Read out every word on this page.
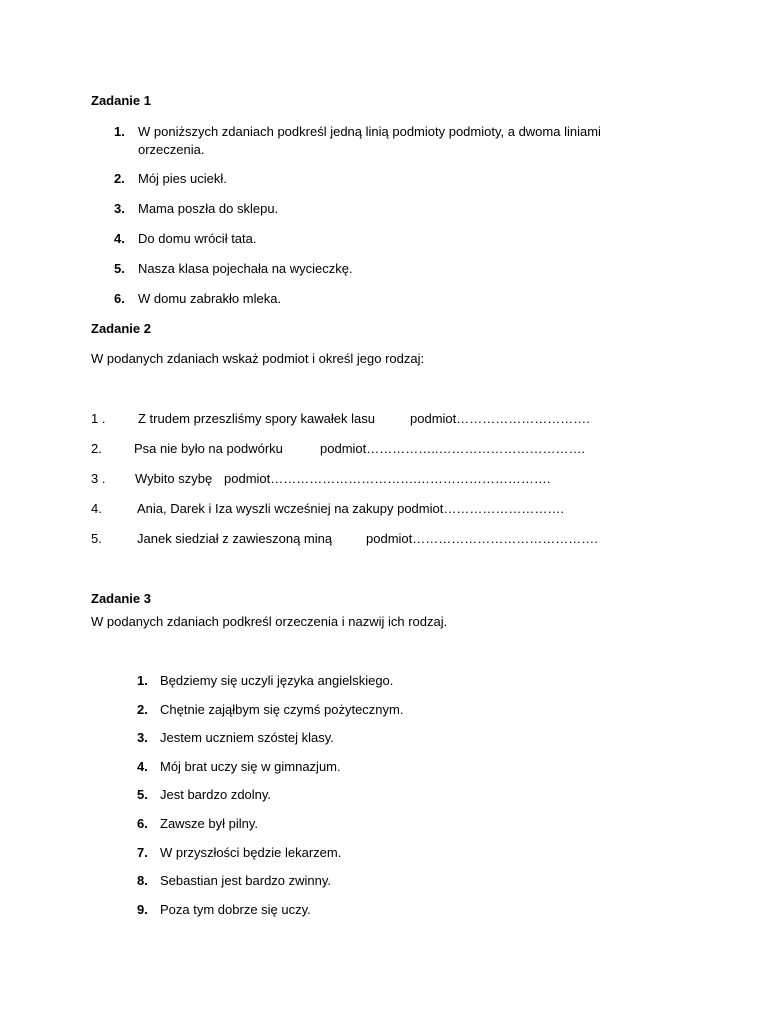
Zadanie 1
1. W poniższych zdaniach podkreśl jedną linią podmioty podmioty, a dwoma liniami
orzeczenia.
2. Mój pies uciekł.
3. Mama poszła do sklepu.
4. Do domu wrócił tata.
5. Nasza klasa pojechała na wycieczkę.
6. W domu zabrakło mleka.
Zadanie 2
W podanych zdaniach wskaż podmiot i określ jego rodzaj:
1 .	Z trudem przeszliśmy spory kawałek lasu	podmiot………………………….
2. Psa nie było na podwórku	podmiot……………..…………………………….
3 . Wybito szybę podmiot…………………………….………………………….
4.	Ania, Darek i Iza wyszli wcześniej na zakupy podmiot……………………….
5.	Janek siedział z zawieszoną miną	podmiot…………………………………….
Zadanie 3
W podanych zdaniach podkreśl orzeczenia i nazwij ich rodzaj.
1. Będziemy się uczyli języka angielskiego.
2. Chętnie zająłbym się czymś pożytecznym.
3. Jestem uczniem szóstej klasy.
4. Mój brat uczy się w gimnazjum.
5. Jest bardzo zdolny.
6. Zawsze był pilny.
7. W przyszłości będzie lekarzem.
8. Sebastian jest bardzo zwinny.
9. Poza tym dobrze się uczy.
